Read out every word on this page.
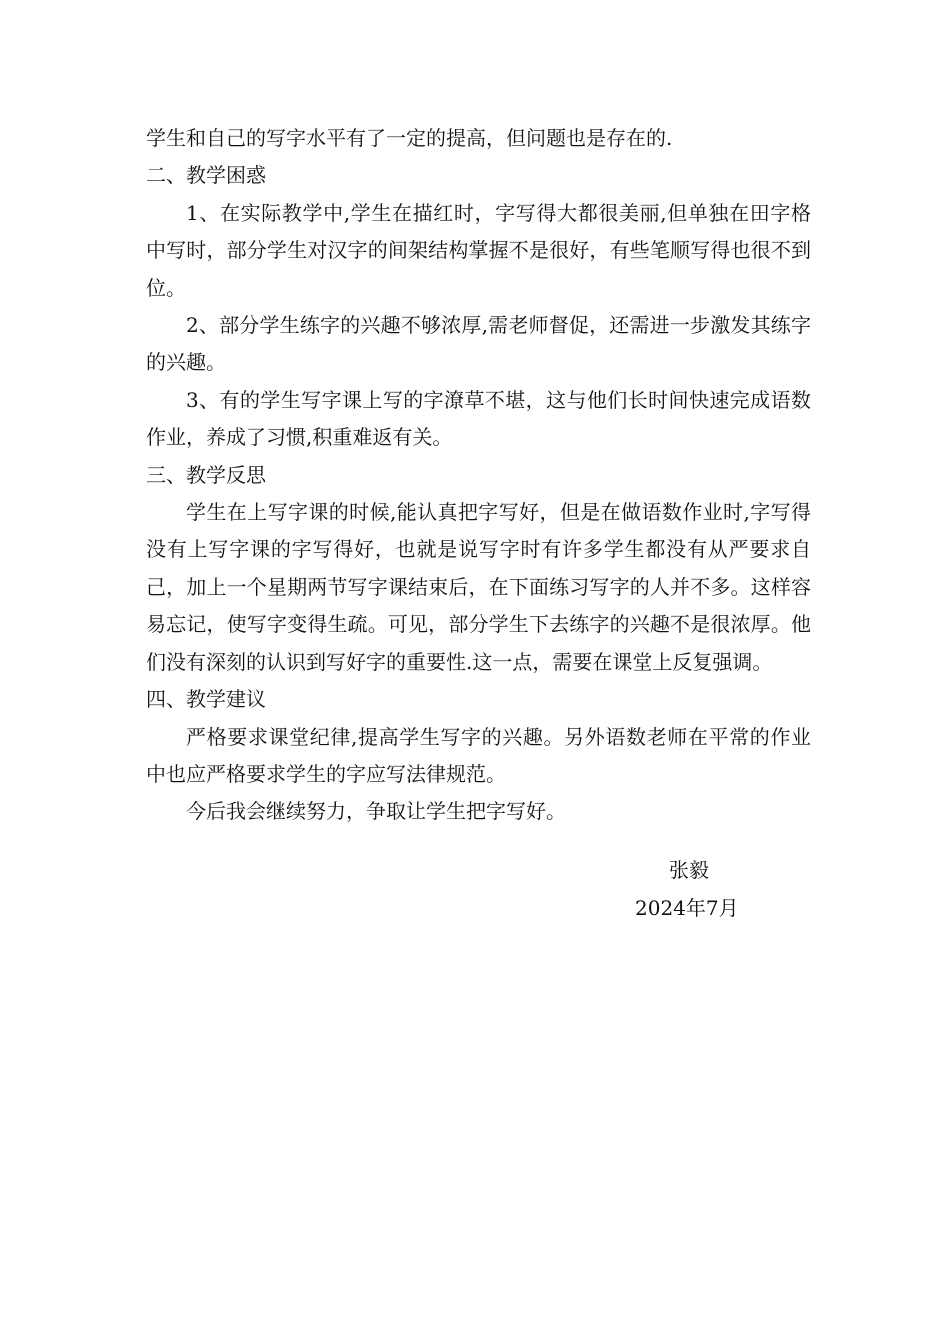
学生和自己的写字水平有了一定的提高，但问题也是存在的.

二、教学困惑

1、在实际教学中,学生在描红时，字写得大都很美丽,但单独在田字格中写时，部分学生对汉字的间架结构掌握不是很好，有些笔顺写得也很不到位。

2、部分学生练字的兴趣不够浓厚,需老师督促，还需进一步激发其练字的兴趣。

3、有的学生写字课上写的字潦草不堪，这与他们长时间快速完成语数作业，养成了习惯,积重难返有关。

三、教学反思

学生在上写字课的时候,能认真把字写好，但是在做语数作业时,字写得没有上写字课的字写得好，也就是说写字时有许多学生都没有从严要求自己，加上一个星期两节写字课结束后，在下面练习写字的人并不多。这样容易忘记，使写字变得生疏。可见，部分学生下去练字的兴趣不是很浓厚。他们没有深刻的认识到写好字的重要性.这一点，需要在课堂上反复强调。

四、教学建议

严格要求课堂纪律,提高学生写字的兴趣。另外语数老师在平常的作业中也应严格要求学生的字应写法律规范。

今后我会继续努力，争取让学生把字写好。

张毅
2024年7月
